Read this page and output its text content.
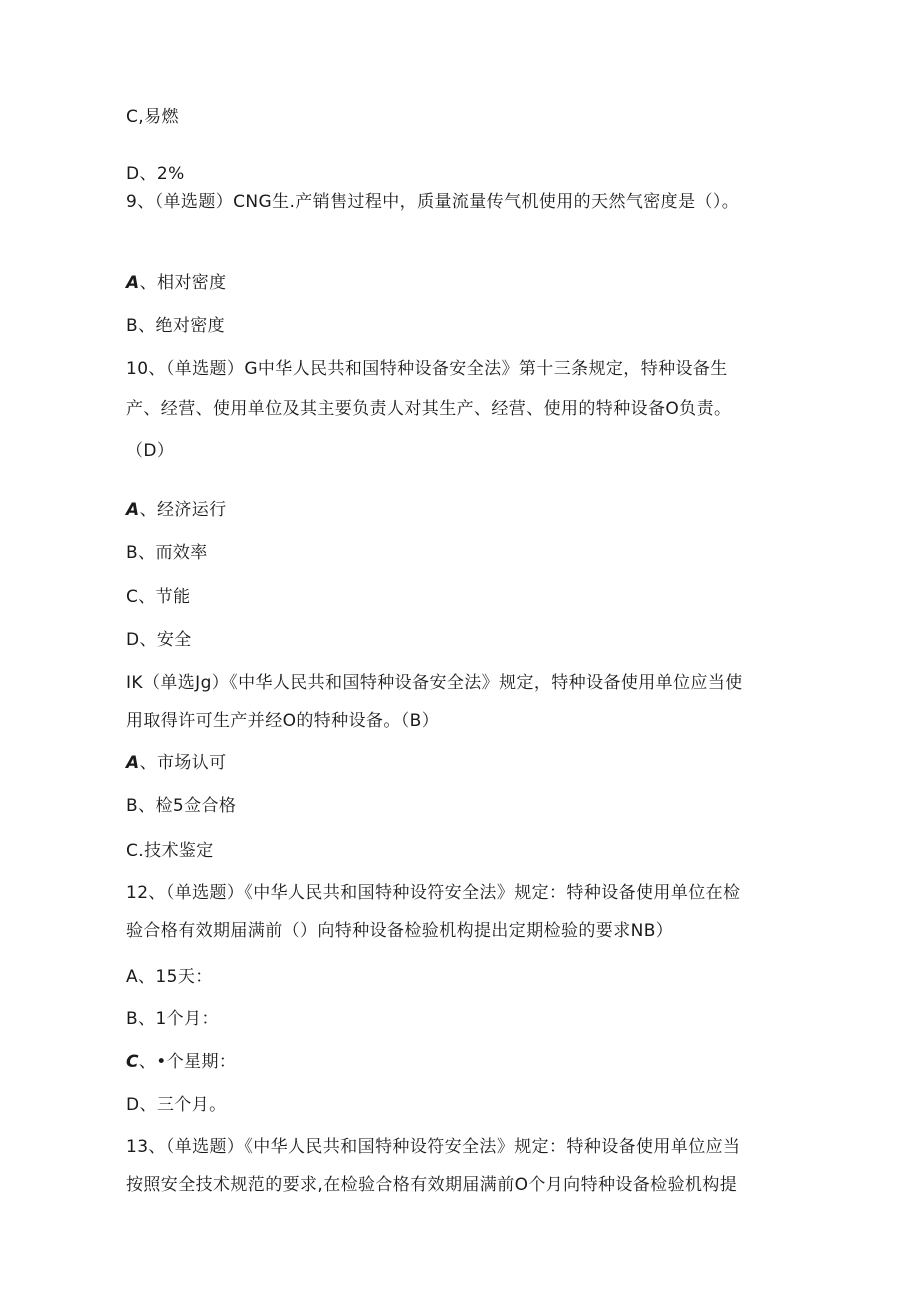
C,易燃
D、2%
9、（单选题）CNG生.产销售过程中，质量流量传气机使用的天然气密度是（）。
A、相对密度
B、绝对密度
10、（单选题）G中华人民共和国特种设备安全法》第十三条规定，特种设备生
产、经营、使用单位及其主要负责人对其生产、经营、使用的特种设备O负责。
（D）
A、经济运行
B、而效率
C、节能
D、安全
IK（单选Jg）《中华人民共和国特种设备安全法》规定，特种设备使用单位应当使
用取得许可生产并经O的特种设备。（B）
A、市场认可
B、检5佥合格
C.技术鉴定
12、（单选题）《中华人民共和国特种设符安全法》规定：特种设备使用单位在检
验合格有效期届满前（）向特种设备检验机构提出定期检验的要求NB）
A、15天：
B、1个月：
C、•个星期：
D、三个月。
13、（单选题）《中华人民共和国特种设符安全法》规定：特种设备使用单位应当
按照安全技术规范的要求,在检验合格有效期届满前O个月向特种设备检验机构提
